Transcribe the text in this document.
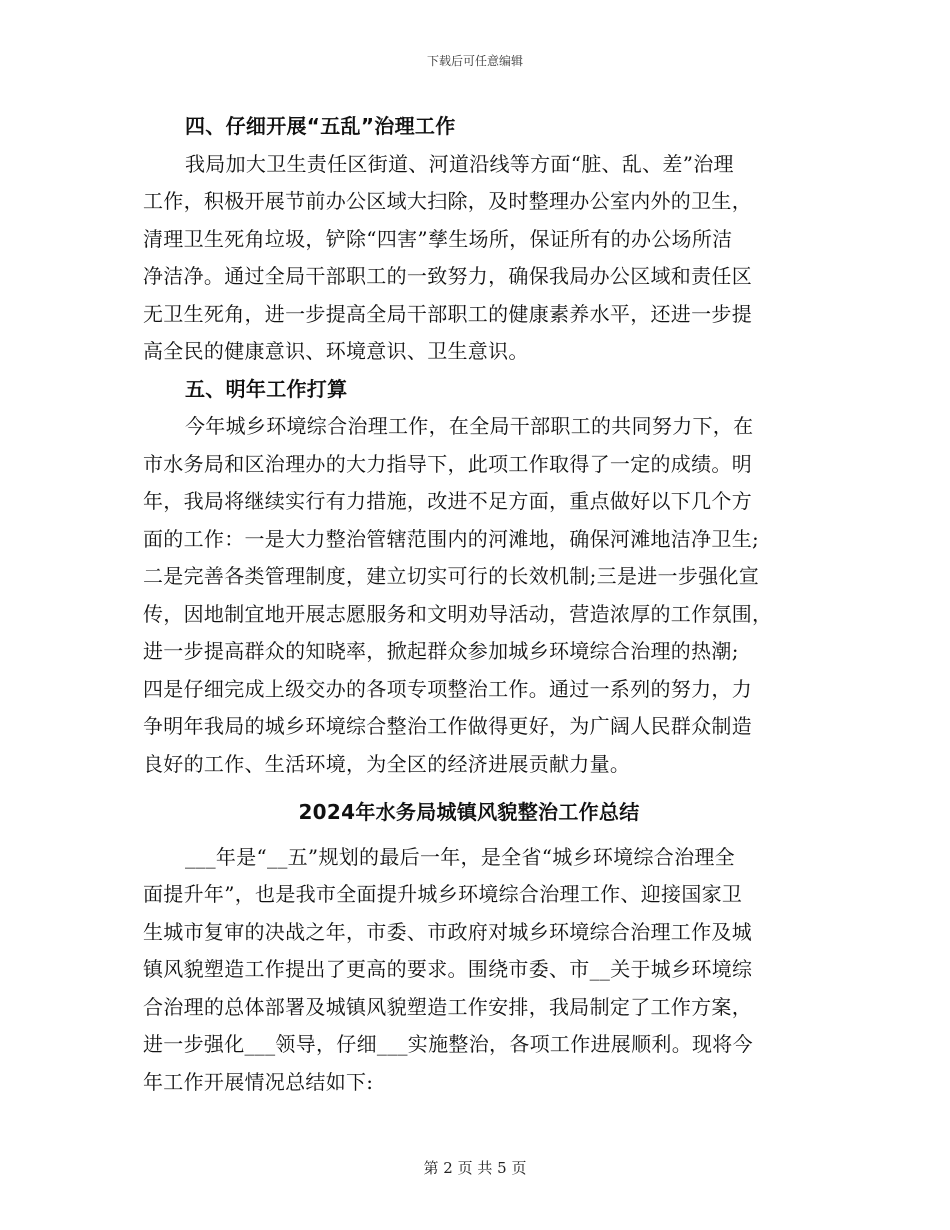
下载后可任意编辑
四、仔细开展“五乱”治理工作
我局加大卫生责任区街道、河道沿线等方面“脏、乱、差”治理
工作，积极开展节前办公区域大扫除，及时整理办公室内外的卫生，
清理卫生死角垃圾，铲除“四害”孳生场所，保证所有的办公场所洁
净洁净。通过全局干部职工的一致努力，确保我局办公区域和责任区
无卫生死角，进一步提高全局干部职工的健康素养水平，还进一步提
高全民的健康意识、环境意识、卫生意识。
五、明年工作打算
今年城乡环境综合治理工作，在全局干部职工的共同努力下，在
市水务局和区治理办的大力指导下，此项工作取得了一定的成绩。明
年，我局将继续实行有力措施，改进不足方面，重点做好以下几个方
面的工作：一是大力整治管辖范围内的河滩地，确保河滩地洁净卫生;
二是完善各类管理制度，建立切实可行的长效机制;三是进一步强化宣
传，因地制宜地开展志愿服务和文明劝导活动，营造浓厚的工作氛围，
进一步提高群众的知晓率，掀起群众参加城乡环境综合治理的热潮;
四是仔细完成上级交办的各项专项整治工作。通过一系列的努力，力
争明年我局的城乡环境综合整治工作做得更好，为广阔人民群众制造
良好的工作、生活环境，为全区的经济进展贡献力量。
2024年水务局城镇风貌整治工作总结
___年是“__五”规划的最后一年，是全省“城乡环境综合治理全
面提升年”，也是我市全面提升城乡环境综合治理工作、迎接国家卫
生城市复审的决战之年，市委、市政府对城乡环境综合治理工作及城
镇风貌塑造工作提出了更高的要求。围绕市委、市__关于城乡环境综
合治理的总体部署及城镇风貌塑造工作安排，我局制定了工作方案，
进一步强化___领导，仔细___实施整治，各项工作进展顺利。现将今
年工作开展情况总结如下:
第 2 页 共 5 页
